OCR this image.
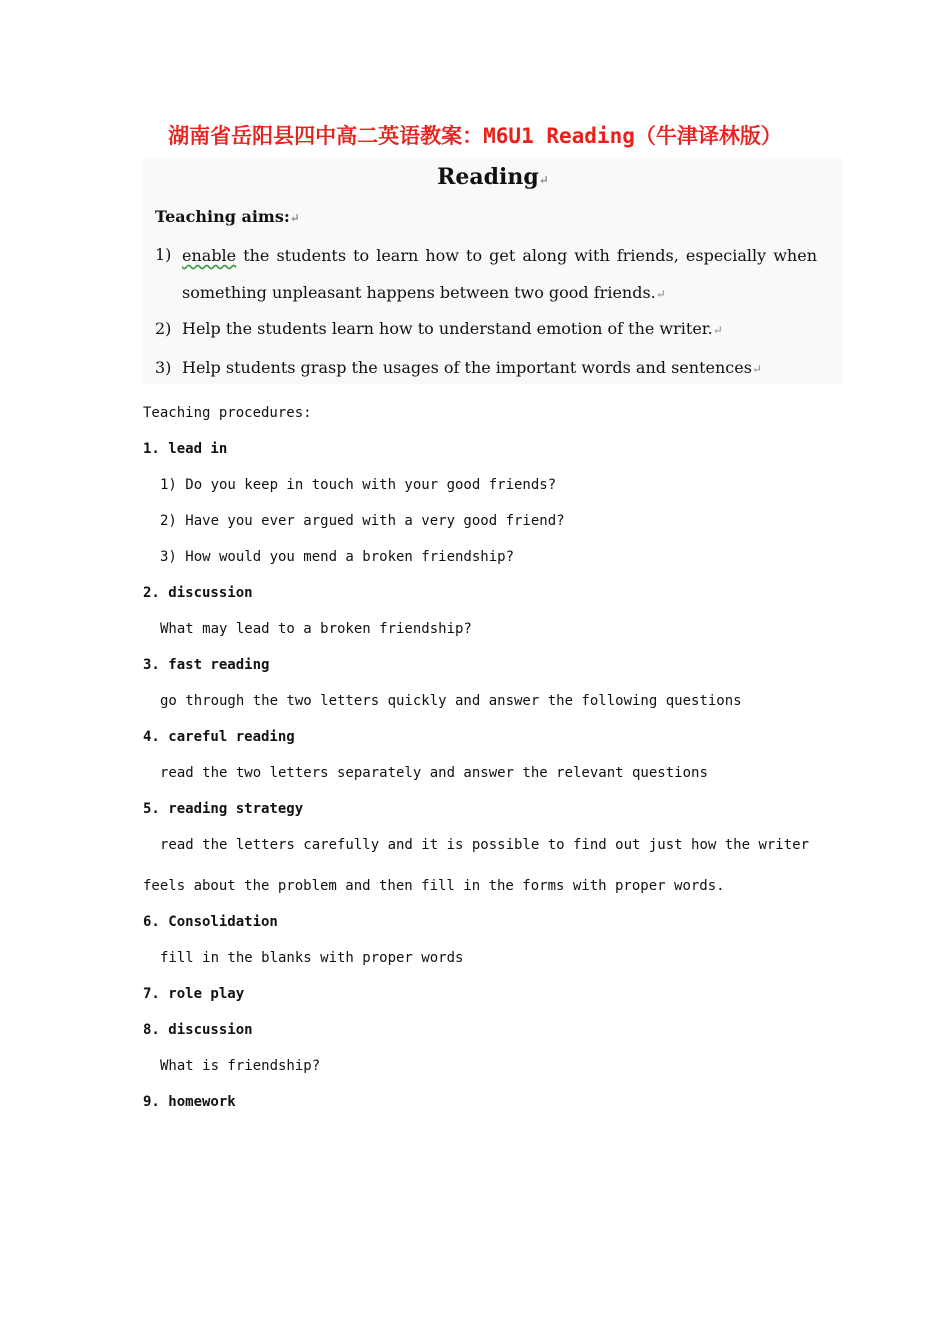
湖南省岳阳县四中高二英语教案：M6U1 Reading（牛津译林版）
Reading↵
Teaching aims:↵
1) enable the students to learn how to get along with friends, especially when something unpleasant happens between two good friends.↵
2) Help the students learn how to understand emotion of the writer.↵
3) Help students grasp the usages of the important words and sentences↵
Teaching procedures:
1. lead in
1) Do you keep in touch with your good friends?
2) Have you ever argued with a very good friend?
3) How would you mend a broken friendship?
2. discussion
What may lead to a broken friendship?
3. fast reading
go through the two letters quickly and answer the following questions
4. careful reading
read the two letters separately and answer the relevant questions
5. reading strategy
read the letters carefully and it is possible to find out just how the writer
feels about the problem and then fill in the forms with proper words.
6. Consolidation
fill in the blanks with proper words
7. role play
8. discussion
What is friendship?
9. homework
